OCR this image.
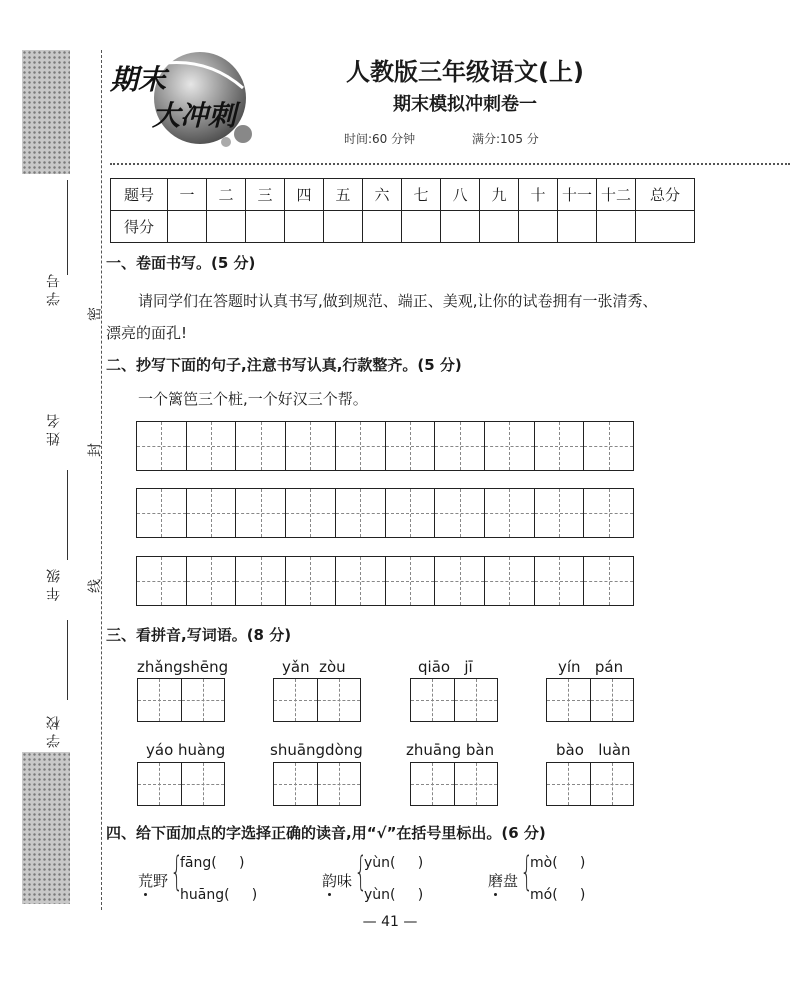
学号
姓名
年级
学校
密
封
线
期末
大冲刺
人教版三年级语文(上)
期末模拟冲刺卷一
时间:60 分钟	满分:105 分
题号	一	二	三	四	五	六	七	八	九	十	十一	十二	总分
得分													
一、卷面书写。(5 分)
请同学们在答题时认真书写,做到规范、端正、美观,让你的试卷拥有一张清秀、
漂亮的面孔!
二、抄写下面的句子,注意书写认真,行款整齐。(5 分)
一个篱笆三个桩,一个好汉三个帮。
三、看拼音,写词语。(8 分)
zhǎngshēng	yǎn  zòu	qiāo   jī	yín   pán
yáo huàng	shuāngdòng	zhuāng bàn	bào   luàn
四、给下面加点的字选择正确的读音,用“√”在括号里标出。(6 分)
荒野 {
fāng(     )
huāng(     )
韵味 {
yùn(     )
yùn(     )
磨盘 {
mò(     )
mó(     )
— 41 —
